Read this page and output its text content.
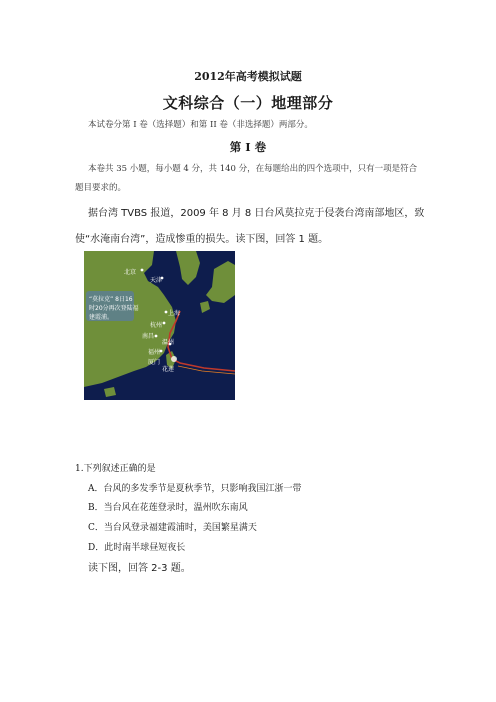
2012年高考模拟试题
文科综合（一）地理部分
本试卷分第 I 卷（选择题）和第 II 卷（非选择题）两部分。
第 I 卷
本卷共 35 小题，每小题 4 分，共 140 分，在每题给出的四个选项中，只有一项是符合
题目要求的。
据台湾 TVBS 报道，2009 年 8 月 8 日台风莫拉克于侵袭台湾南部地区，致
使“水淹南台湾”，造成惨重的损失。读下图，回答 1 题。
北京
天津
上海
杭州
南昌
温州
福州
厦门
花莲
“莫拉克” 8日16
时20分再次登陆福
建霞浦。
1.下列叙述正确的是
A．台风的多发季节是夏秋季节，只影响我国江浙一带
B．当台风在花莲登录时，温州吹东南风
C．当台风登录福建霞浦时，美国繁星满天
D．此时南半球昼短夜长
读下图，回答 2-3 题。
